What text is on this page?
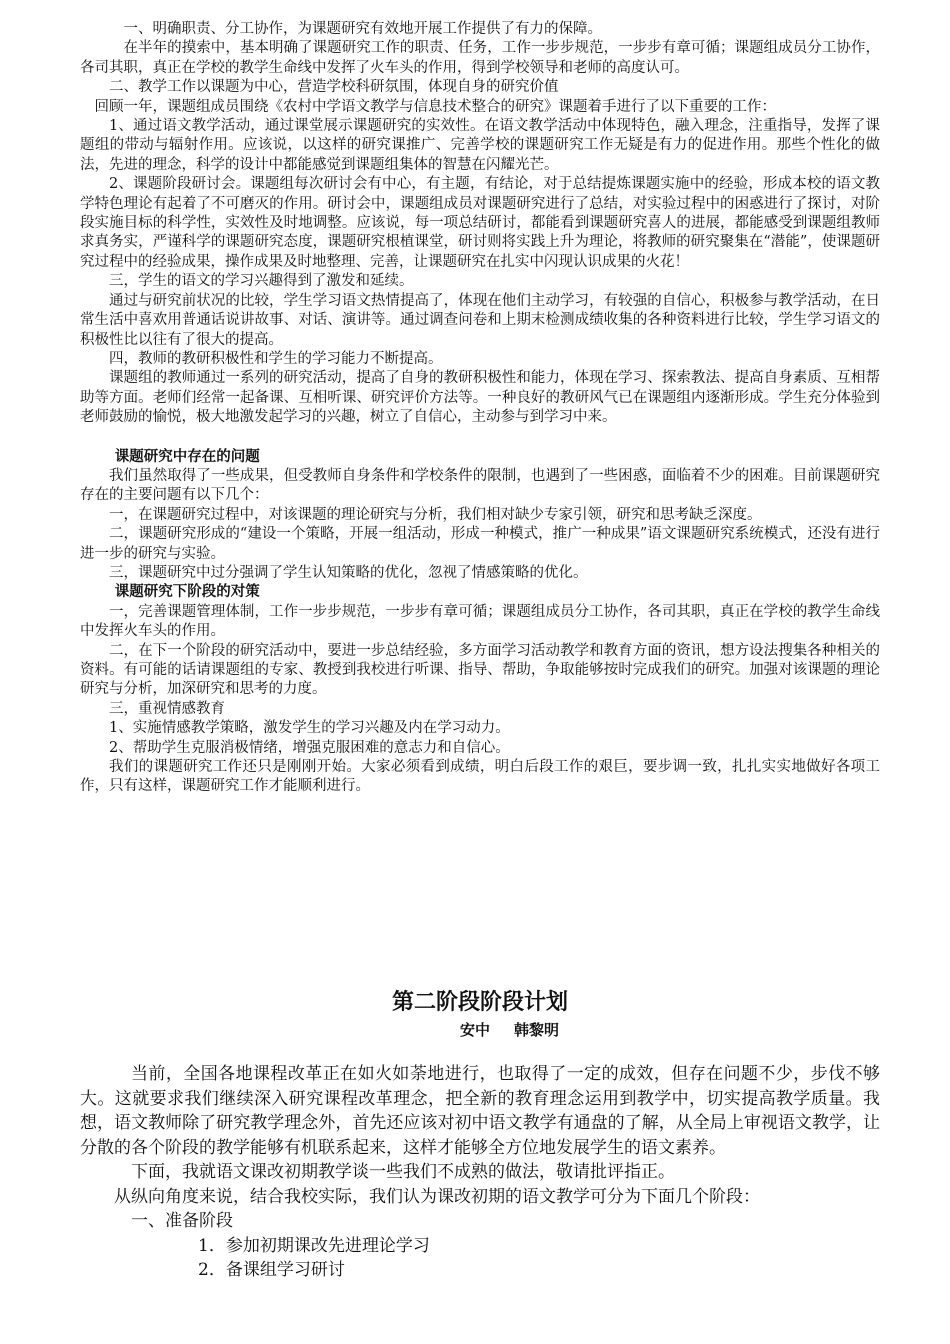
一、明确职责、分工协作，为课题研究有效地开展工作提供了有力的保障。

在半年的摸索中，基本明确了课题研究工作的职责、任务，工作一步步规范，一步步有章可循；课题组成员分工协作，各司其职，真正在学校的教学生命线中发挥了火车头的作用，得到学校领导和老师的高度认可。

二、教学工作以课题为中心，营造学校科研氛围，体现自身的研究价值

回顾一年，课题组成员围绕《农村中学语文教学与信息技术整合的研究》课题着手进行了以下重要的工作：

1、通过语文教学活动，通过课堂展示课题研究的实效性。在语文教学活动中体现特色，融入理念，注重指导，发挥了课题组的带动与辐射作用。应该说，以这样的研究课推广、完善学校的课题研究工作无疑是有力的促进作用。那些个性化的做法，先进的理念，科学的设计中都能感觉到课题组集体的智慧在闪耀光芒。

2、课题阶段研讨会。课题组每次研讨会有中心，有主题，有结论，对于总结提炼课题实施中的经验，形成本校的语文教学特色理论有起着了不可磨灭的作用。研讨会中，课题组成员对课题研究进行了总结，对实验过程中的困惑进行了探讨，对阶段实施目标的科学性，实效性及时地调整。应该说，每一项总结研讨，都能看到课题研究喜人的进展，都能感受到课题组教师求真务实，严谨科学的课题研究态度，课题研究根植课堂，研讨则将实践上升为理论，将教师的研究聚集在“潜能”，使课题研究过程中的经验成果，操作成果及时地整理、完善，让课题研究在扎实中闪现认识成果的火花！

三，学生的语文的学习兴趣得到了激发和延续。

通过与研究前状况的比较，学生学习语文热情提高了，体现在他们主动学习，有较强的自信心，积极参与教学活动，在日常生活中喜欢用普通话说讲故事、对话、演讲等。通过调查问卷和上期末检测成绩收集的各种资料进行比较，学生学习语文的积极性比以往有了很大的提高。

四，教师的教研积极性和学生的学习能力不断提高。

课题组的教师通过一系列的研究活动，提高了自身的教研积极性和能力，体现在学习、探索教法、提高自身素质、互相帮助等方面。老师们经常一起备课、互相听课、研究评价方法等。一种良好的教研风气已在课题组内逐渐形成。学生充分体验到老师鼓励的愉悦，极大地激发起学习的兴趣，树立了自信心，主动参与到学习中来。

课题研究中存在的问题

我们虽然取得了一些成果，但受教师自身条件和学校条件的限制，也遇到了一些困惑，面临着不少的困难。目前课题研究存在的主要问题有以下几个：

一，在课题研究过程中，对该课题的理论研究与分析，我们相对缺少专家引领，研究和思考缺乏深度。

二，课题研究形成的“建设一个策略，开展一组活动，形成一种模式，推广一种成果”语文课题研究系统模式，还没有进行进一步的研究与实验。

三，课题研究中过分强调了学生认知策略的优化，忽视了情感策略的优化。

课题研究下阶段的对策

一，完善课题管理体制，工作一步步规范，一步步有章可循；课题组成员分工协作，各司其职，真正在学校的教学生命线中发挥火车头的作用。

二，在下一个阶段的研究活动中，要进一步总结经验，多方面学习活动教学和教育方面的资讯，想方设法搜集各种相关的资料。有可能的话请课题组的专家、教授到我校进行听课、指导、帮助，争取能够按时完成我们的研究。加强对该课题的理论研究与分析，加深研究和思考的力度。

三，重视情感教育

1、实施情感教学策略，激发学生的学习兴趣及内在学习动力。

2、帮助学生克服消极情绪，增强克服困难的意志力和自信心。

我们的课题研究工作还只是刚刚开始。大家必须看到成绩，明白后段工作的艰巨，要步调一致，扎扎实实地做好各项工作，只有这样，课题研究工作才能顺利进行。

第二阶段阶段计划

安中 韩黎明

当前，全国各地课程改革正在如火如荼地进行，也取得了一定的成效，但存在问题不少，步伐不够大。这就要求我们继续深入研究课程改革理念，把全新的教育理念运用到教学中，切实提高教学质量。我想，语文教师除了研究教学理念外，首先还应该对初中语文教学有通盘的了解，从全局上审视语文教学，让分散的各个阶段的教学能够有机联系起来，这样才能够全方位地发展学生的语文素养。

下面，我就语文课改初期教学谈一些我们不成熟的做法，敬请批评指正。

从纵向角度来说，结合我校实际，我们认为课改初期的语文教学可分为下面几个阶段：

一、准备阶段

1．参加初期课改先进理论学习

2．备课组学习研讨
